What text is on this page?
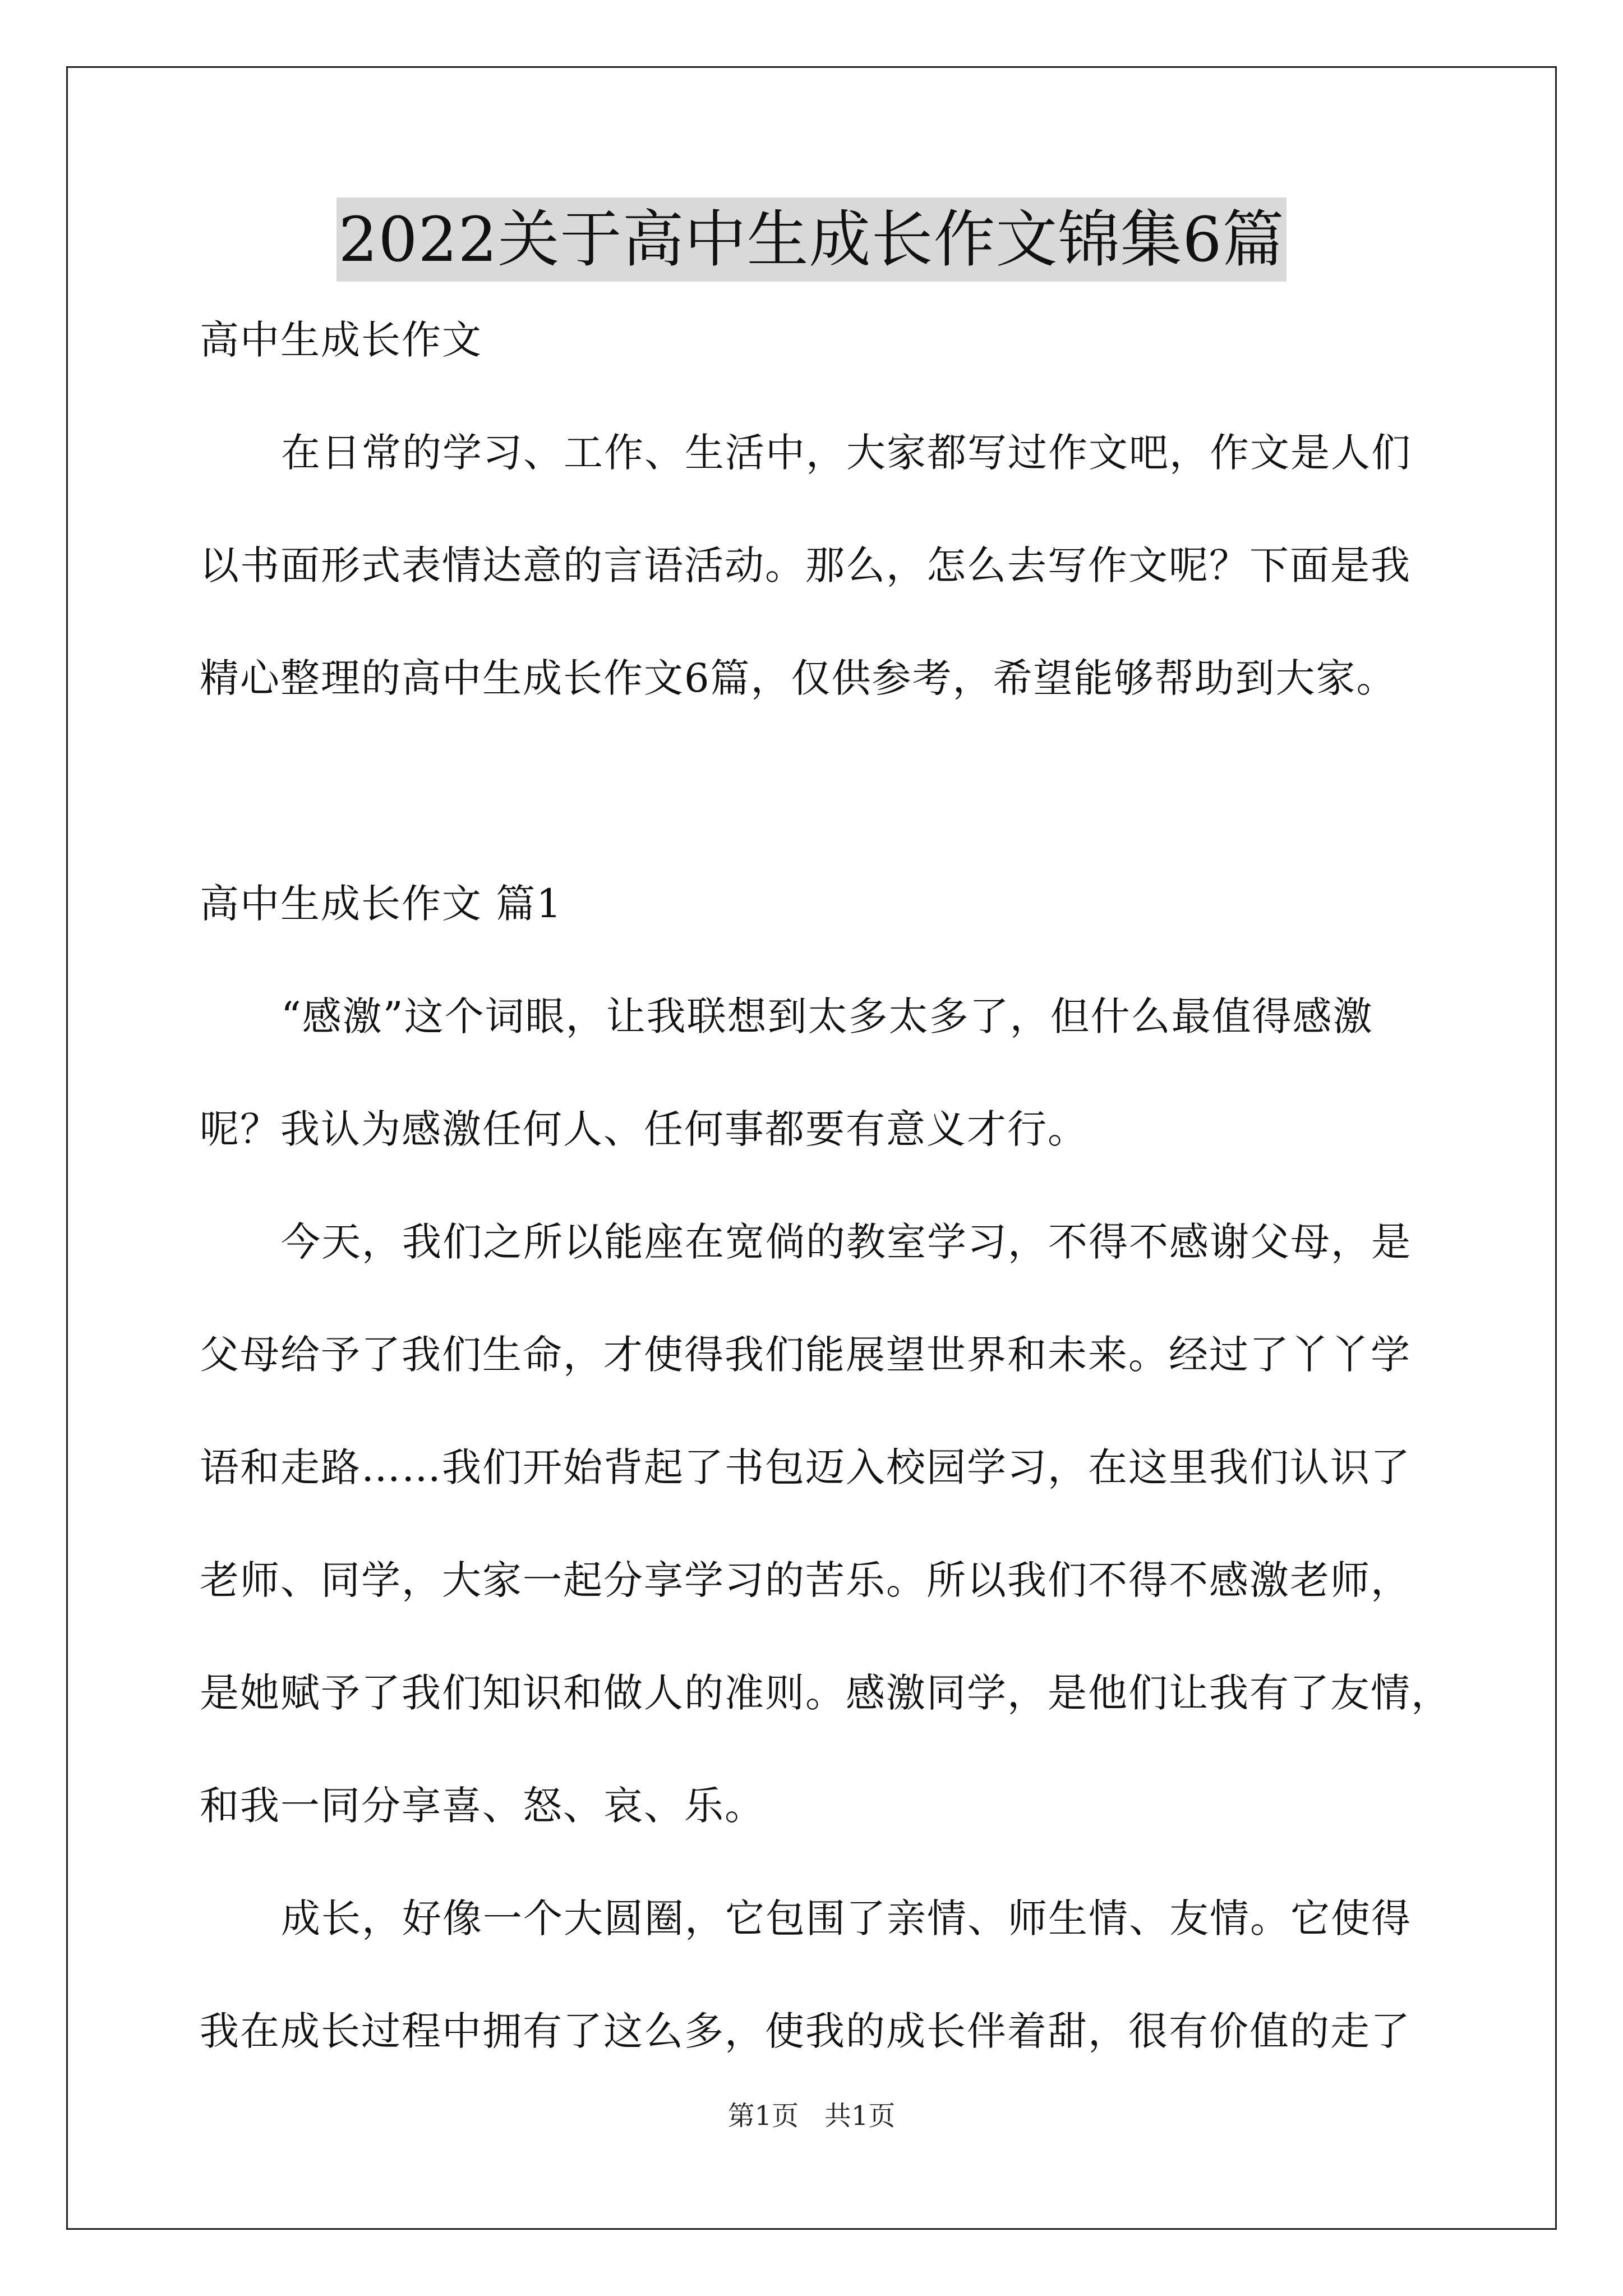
2022关于高中生成长作文锦集6篇
高中生成长作文
在日常的学习、工作、生活中，大家都写过作文吧，作文是人们
以书面形式表情达意的言语活动。那么，怎么去写作文呢？下面是我
精心整理的高中生成长作文6篇，仅供参考，希望能够帮助到大家。
高中生成长作文 篇1
“感激”这个词眼，让我联想到太多太多了，但什么最值得感激
呢？我认为感激任何人、任何事都要有意义才行。
今天，我们之所以能座在宽倘的教室学习，不得不感谢父母，是
父母给予了我们生命，才使得我们能展望世界和未来。经过了丫丫学
语和走路……我们开始背起了书包迈入校园学习，在这里我们认识了
老师、同学，大家一起分享学习的苦乐。所以我们不得不感激老师，
是她赋予了我们知识和做人的准则。感激同学，是他们让我有了友情，
和我一同分享喜、怒、哀、乐。
成长，好像一个大圆圈，它包围了亲情、师生情、友情。它使得
我在成长过程中拥有了这么多，使我的成长伴着甜，很有价值的走了
第1页 共1页
